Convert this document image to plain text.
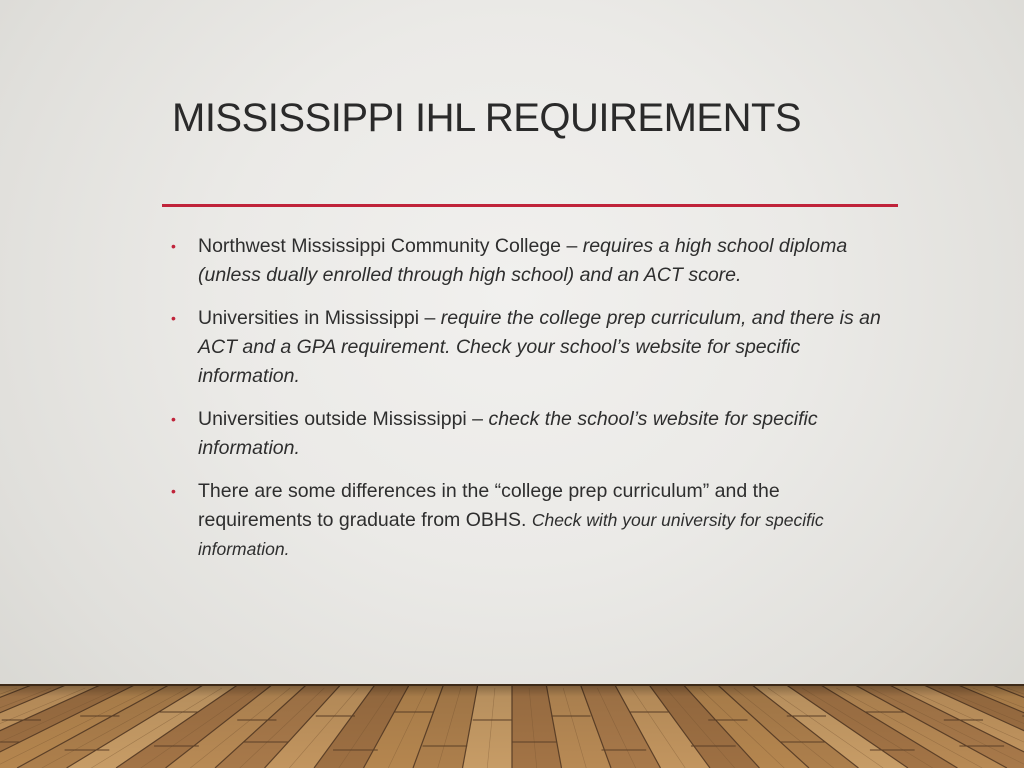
MISSISSIPPI IHL REQUIREMENTS
• Northwest Mississippi Community College – requires a high school diploma (unless dually enrolled through high school) and an ACT score.
• Universities in Mississippi – require the college prep curriculum, and there is an ACT and a GPA requirement. Check your school’s website for specific information.
• Universities outside Mississippi – check the school’s website for specific information.
• There are some differences in the “college prep curriculum” and the requirements to graduate from OBHS. Check with your university for specific information.
